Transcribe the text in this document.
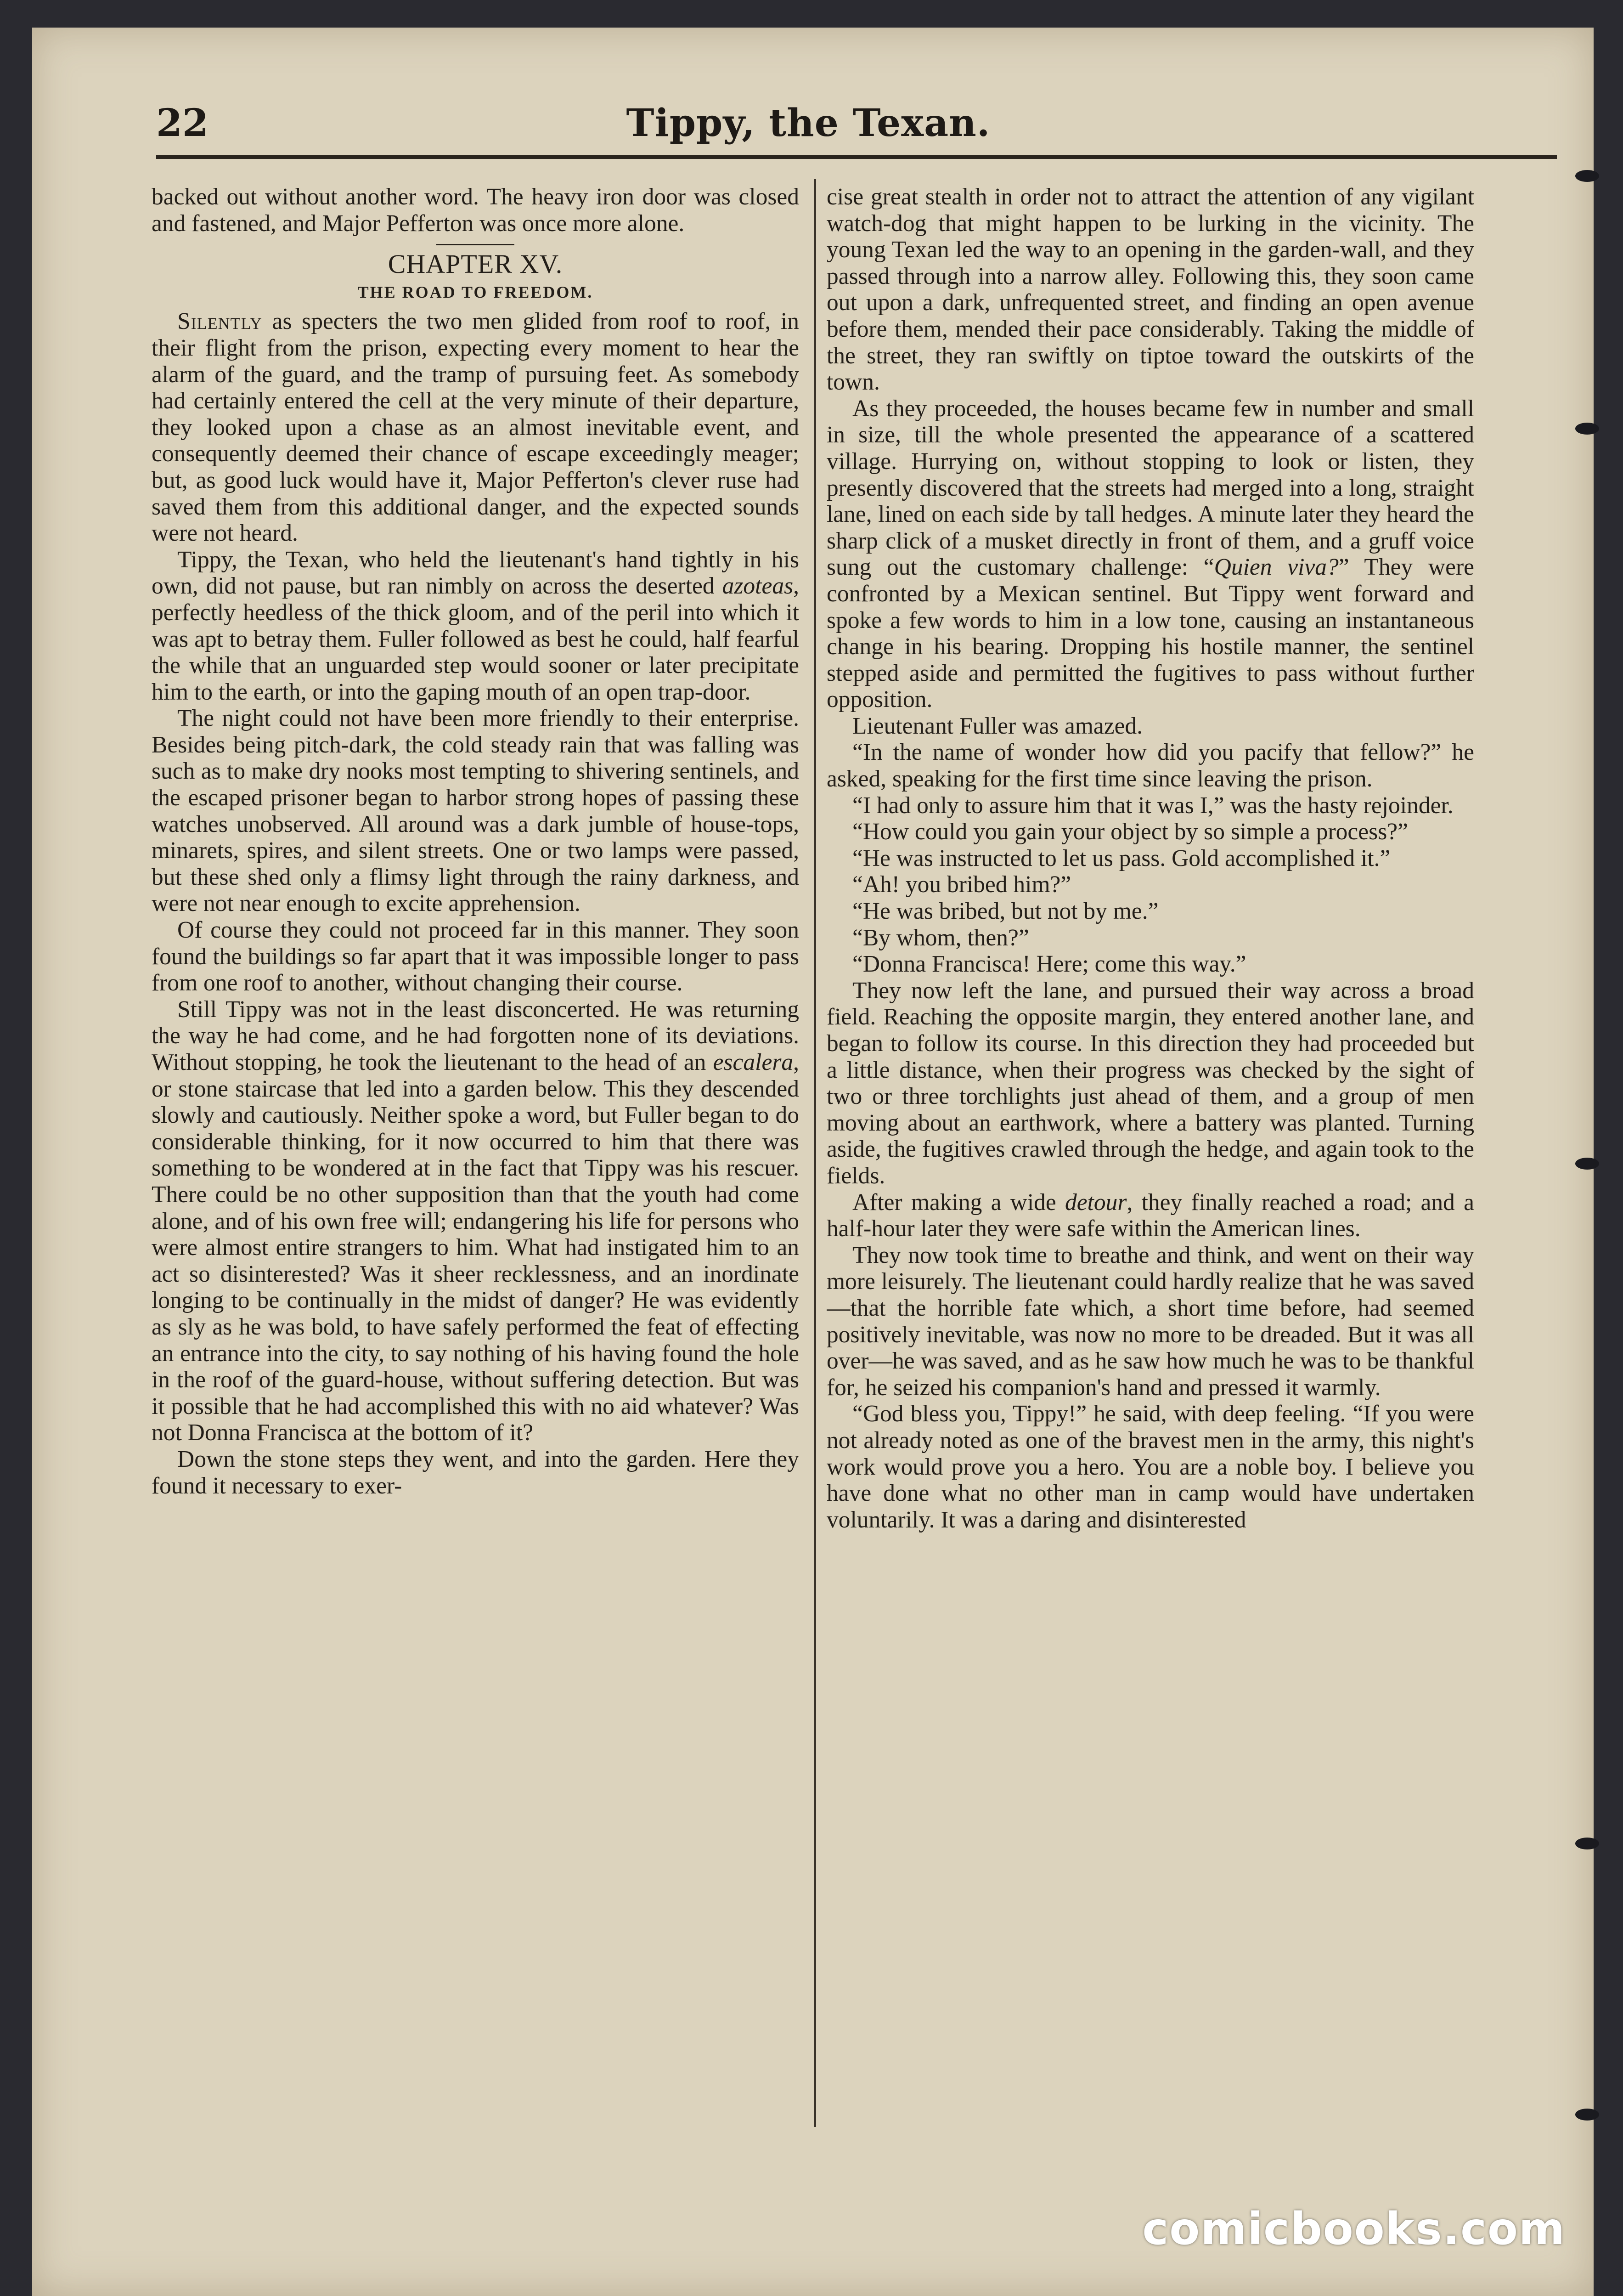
22	Tippy, the Texan.

backed out without another word. The heavy iron door was closed and fastened, and Major Pefferton was once more alone.

CHAPTER XV.
THE ROAD TO FREEDOM.

Silently as specters the two men glided from roof to roof, in their flight from the prison, expecting every moment to hear the alarm of the guard, and the tramp of pursuing feet. As somebody had certainly entered the cell at the very minute of their departure, they looked upon a chase as an almost inevitable event, and consequently deemed their chance of escape exceedingly meager; but, as good luck would have it, Major Pefferton's clever ruse had saved them from this additional danger, and the expected sounds were not heard.

Tippy, the Texan, who held the lieutenant's hand tightly in his own, did not pause, but ran nimbly on across the deserted azoteas, perfectly heedless of the thick gloom, and of the peril into which it was apt to betray them. Fuller followed as best he could, half fearful the while that an unguarded step would sooner or later precipitate him to the earth, or into the gaping mouth of an open trap-door.

The night could not have been more friendly to their enterprise. Besides being pitch-dark, the cold steady rain that was falling was such as to make dry nooks most tempting to shivering sentinels, and the escaped prisoner began to harbor strong hopes of passing these watches unobserved. All around was a dark jumble of house-tops, minarets, spires, and silent streets. One or two lamps were passed, but these shed only a flimsy light through the rainy darkness, and were not near enough to excite apprehension.

Of course they could not proceed far in this manner. They soon found the buildings so far apart that it was impossible longer to pass from one roof to another, without changing their course.

Still Tippy was not in the least disconcerted. He was returning the way he had come, and he had forgotten none of its deviations. Without stopping, he took the lieutenant to the head of an escalera, or stone staircase that led into a garden below. This they descended slowly and cautiously. Neither spoke a word, but Fuller began to do considerable thinking, for it now occurred to him that there was something to be wondered at in the fact that Tippy was his rescuer. There could be no other supposition than that the youth had come alone, and of his own free will; endangering his life for persons who were almost entire strangers to him. What had instigated him to an act so disinterested? Was it sheer recklessness, and an inordinate longing to be continually in the midst of danger? He was evidently as sly as he was bold, to have safely performed the feat of effecting an entrance into the city, to say nothing of his having found the hole in the roof of the guard-house, without suffering detection. But was it possible that he had accomplished this with no aid whatever? Was not Donna Francisca at the bottom of it?

Down the stone steps they went, and into the garden. Here they found it necessary to exer-

cise great stealth in order not to attract the attention of any vigilant watch-dog that might happen to be lurking in the vicinity. The young Texan led the way to an opening in the garden-wall, and they passed through into a narrow alley. Following this, they soon came out upon a dark, unfrequented street, and finding an open avenue before them, mended their pace considerably. Taking the middle of the street, they ran swiftly on tiptoe toward the outskirts of the town.

As they proceeded, the houses became few in number and small in size, till the whole presented the appearance of a scattered village. Hurrying on, without stopping to look or listen, they presently discovered that the streets had merged into a long, straight lane, lined on each side by tall hedges. A minute later they heard the sharp click of a musket directly in front of them, and a gruff voice sung out the customary challenge: “Quien viva?” They were confronted by a Mexican sentinel. But Tippy went forward and spoke a few words to him in a low tone, causing an instantaneous change in his bearing. Dropping his hostile manner, the sentinel stepped aside and permitted the fugitives to pass without further opposition.

Lieutenant Fuller was amazed.

“In the name of wonder how did you pacify that fellow?” he asked, speaking for the first time since leaving the prison.

“I had only to assure him that it was I,” was the hasty rejoinder.

“How could you gain your object by so simple a process?”

“He was instructed to let us pass. Gold accomplished it.”

“Ah! you bribed him?”

“He was bribed, but not by me.”

“By whom, then?”

“Donna Francisca! Here; come this way.”

They now left the lane, and pursued their way across a broad field. Reaching the opposite margin, they entered another lane, and began to follow its course. In this direction they had proceeded but a little distance, when their progress was checked by the sight of two or three torchlights just ahead of them, and a group of men moving about an earthwork, where a battery was planted. Turning aside, the fugitives crawled through the hedge, and again took to the fields.

After making a wide detour, they finally reached a road; and a half-hour later they were safe within the American lines.

They now took time to breathe and think, and went on their way more leisurely. The lieutenant could hardly realize that he was saved—that the horrible fate which, a short time before, had seemed positively inevitable, was now no more to be dreaded. But it was all over—he was saved, and as he saw how much he was to be thankful for, he seized his companion's hand and pressed it warmly.

“God bless you, Tippy!” he said, with deep feeling. “If you were not already noted as one of the bravest men in the army, this night's work would prove you a hero. You are a noble boy. I believe you have done what no other man in camp would have undertaken voluntarily. It was a daring and disinterested

comicbooks.com
